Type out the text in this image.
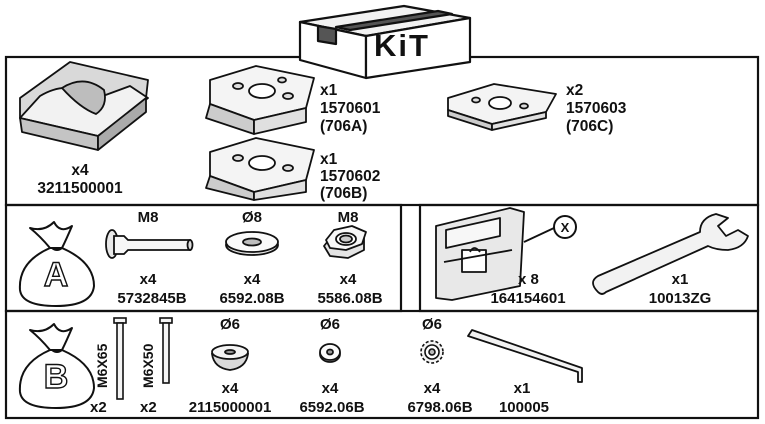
KiT
x4
3211500001
x1
1570601
(706A)
x1
1570602
(706B)
x2
1570603
(706C)
A
M8
x4
5732845B
Ø8
x4
6592.08B
M8
x4
5586.08B
X
x 8
164154601
x1
10013ZG
B M6X65
x2
M6X50
x2
Ø6
x4
2115000001
Ø6
x4
6592.06B
Ø6
x4
6798.06B
x1
100005
